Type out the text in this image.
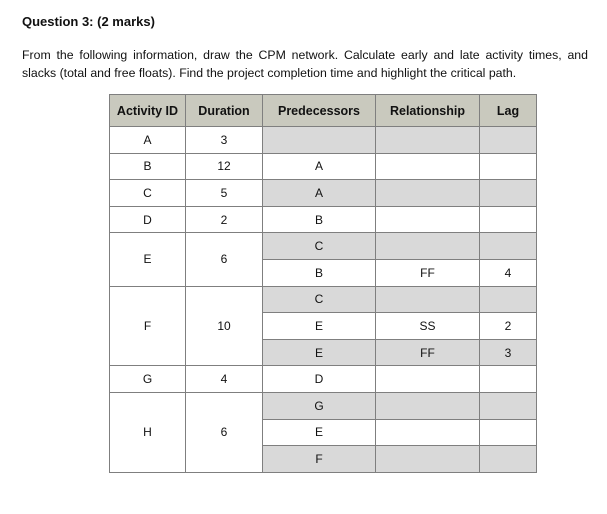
Question 3: (2 marks)
From the following information, draw the CPM network. Calculate early and late activity times, and slacks (total and free floats). Find the project completion time and highlight the critical path.
Activity ID	Duration	Predecessors	Relationship	Lag
A	3			
B	12	A		
C	5	A		
D	2	B		
E	6	C		
		B	FF	4
F	10	C		
		E	SS	2
		E	FF	3
G	4	D		
H	6	G		
		E		
		F		
